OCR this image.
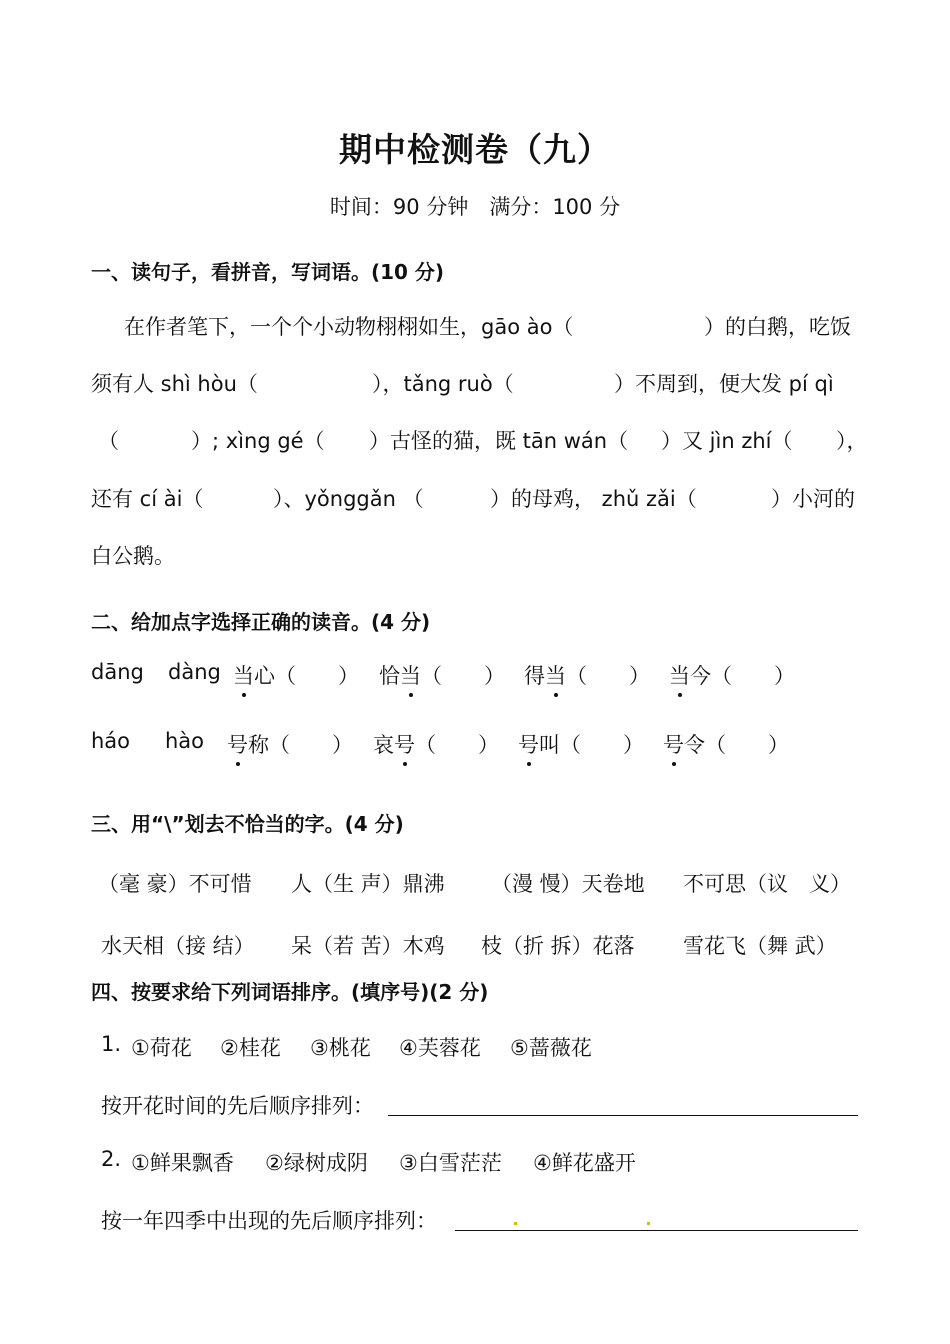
期中检测卷（九）
时间：90 分钟　满分：100 分
一、读句子，看拼音，写词语。(10 分)
在作者笔下，一个个小动物栩栩如生，gāo ào（	）的白鹅，吃饭
须有人 shì hòu（	），tǎng ruò（	）不周到，便大发 pí qì
（	）; xìng gé（ ）古怪的猫，既 tān wán（ ）又 jìn zhí（ ），
还有 cí ài（	）、yǒnggǎn （	）的母鸡， zhǔ zǎi（	）小河的
白公鹅。
二、给加点字选择正确的读音。(4 分)
dāng dàng 当心（　　） 恰当（　　） 得当（　　） 当今（　　）
háo hào 号称（　　） 哀号（　　） 号叫（　　） 号令（　　）
三、用“\”划去不恰当的字。(4 分)
（毫 豪）不可惜 人（生 声）鼎沸 （漫 慢）天卷地 不可思（议　义）
水天相（接 结） 呆（若 苦）木鸡 枝（折 拆）花落 雪花飞（舞 武）
四、按要求给下列词语排序。(填序号)(2 分)
1. ①荷花 ②桂花 ③桃花 ④芙蓉花 ⑤蔷薇花
按开花时间的先后顺序排列：
2. ①鲜果飘香 ②绿树成阴 ③白雪茫茫 ④鲜花盛开
按一年四季中出现的先后顺序排列：
